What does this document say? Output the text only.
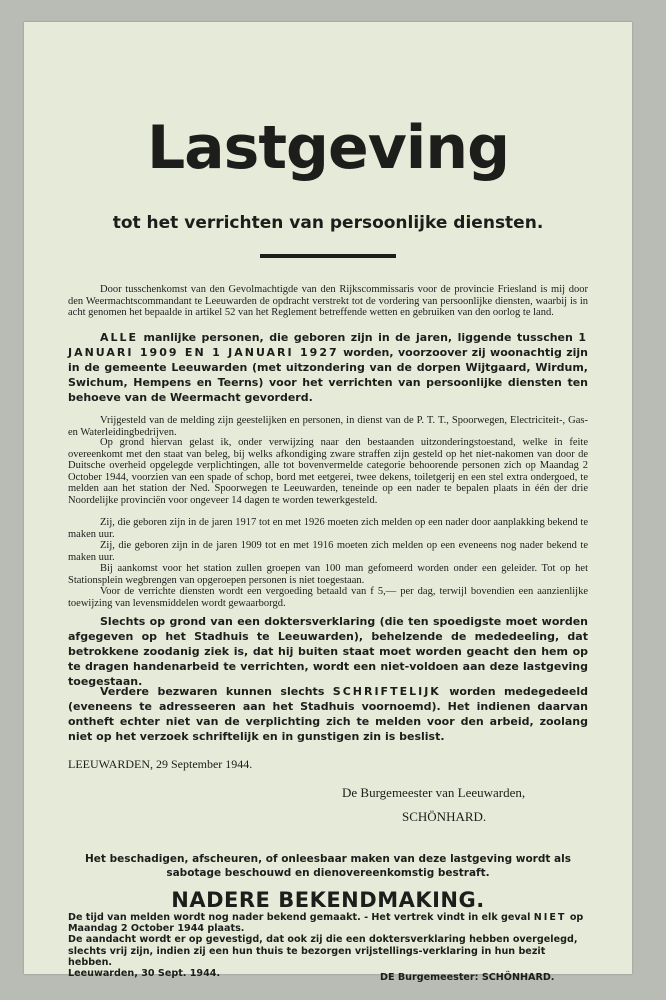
Lastgeving
tot het verrichten van persoonlijke diensten.

Door tusschenkomst van den Gevolmachtigde van den Rijkscommissaris voor de provincie Friesland is mij door den Weermachtscommandant te Leeuwarden de opdracht verstrekt tot de vordering van persoonlijke diensten, waarbij is in acht genomen het bepaalde in artikel 52 van het Reglement betreffende wetten en gebruiken van den oorlog te land.

ALLE manlijke personen, die geboren zijn in de jaren, liggende tusschen 1 JANUARI 1909 EN 1 JANUARI 1927 worden, voorzoover zij woonachtig zijn in de gemeente Leeuwarden (met uitzondering van de dorpen Wijtgaard, Wirdum, Swichum, Hempens en Teerns) voor het verrichten van persoonlijke diensten ten behoeve van de Weermacht gevorderd.

Vrijgesteld van de melding zijn geestelijken en personen, in dienst van de P. T. T., Spoorwegen, Electriciteit-, Gas- en Waterleidingbedrijven.

Op grond hiervan gelast ik, onder verwijzing naar den bestaanden uitzonderingstoestand, welke in feite overeenkomt met den staat van beleg, bij welks afkondiging zware straffen zijn gesteld op het niet-nakomen van door de Duitsche overheid opgelegde verplichtingen, alle tot bovenvermelde categorie behoorende personen zich op Maandag 2 October 1944, voorzien van een spade of schop, bord met eetgerei, twee dekens, toiletgerij en een stel extra ondergoed, te melden aan het station der Ned. Spoorwegen te Leeuwarden, teneinde op een nader te bepalen plaats in één der drie Noordelijke provinciën voor ongeveer 14 dagen te worden tewerkgesteld.

Zij, die geboren zijn in de jaren 1917 tot en met 1926 moeten zich melden op een nader door aanplakking bekend te maken uur.

Zij, die geboren zijn in de jaren 1909 tot en met 1916 moeten zich melden op een eveneens nog nader bekend te maken uur.

Bij aankomst voor het station zullen groepen van 100 man gefomeerd worden onder een geleider. Tot op het Stationsplein wegbrengen van opgeroepen personen is niet toegestaan.

Voor de verrichte diensten wordt een vergoeding betaald van f 5,— per dag, terwijl bovendien een aanzienlijke toewijzing van levensmiddelen wordt gewaarborgd.

Slechts op grond van een doktersverklaring (die ten spoedigste moet worden afgegeven op het Stadhuis te Leeuwarden), behelzende de mededeeling, dat betrokkene zoodanig ziek is, dat hij buiten staat moet worden geacht den hem op te dragen handenarbeid te verrichten, wordt een niet-voldoen aan deze lastgeving toegestaan.

Verdere bezwaren kunnen slechts SCHRIFTELIJK worden medegedeeld (eveneens te adresseeren aan het Stadhuis voornoemd). Het indienen daarvan ontheft echter niet van de verplichting zich te melden voor den arbeid, zoolang niet op het verzoek schriftelijk en in gunstigen zin is beslist.

LEEUWARDEN, 29 September 1944.
De Burgemeester van Leeuwarden,
SCHÖNHARD.
Het beschadigen, afscheuren, of onleesbaar maken van deze lastgeving wordt als sabotage beschouwd en dienovereenkomstig bestraft.
NADERE BEKENDMAKING.

De tijd van melden wordt nog nader bekend gemaakt. - Het vertrek vindt in elk geval NIET op Maandag 2 October 1944 plaats.
De aandacht wordt er op gevestigd, dat ook zij die een doktersverklaring hebben overgelegd, slechts vrij zijn, indien zij een hun thuis te bezorgen vrijstellings-verklaring in hun bezit hebben.
Leeuwarden, 30 Sept. 1944.	DE Burgemeester: SCHÖNHARD.
